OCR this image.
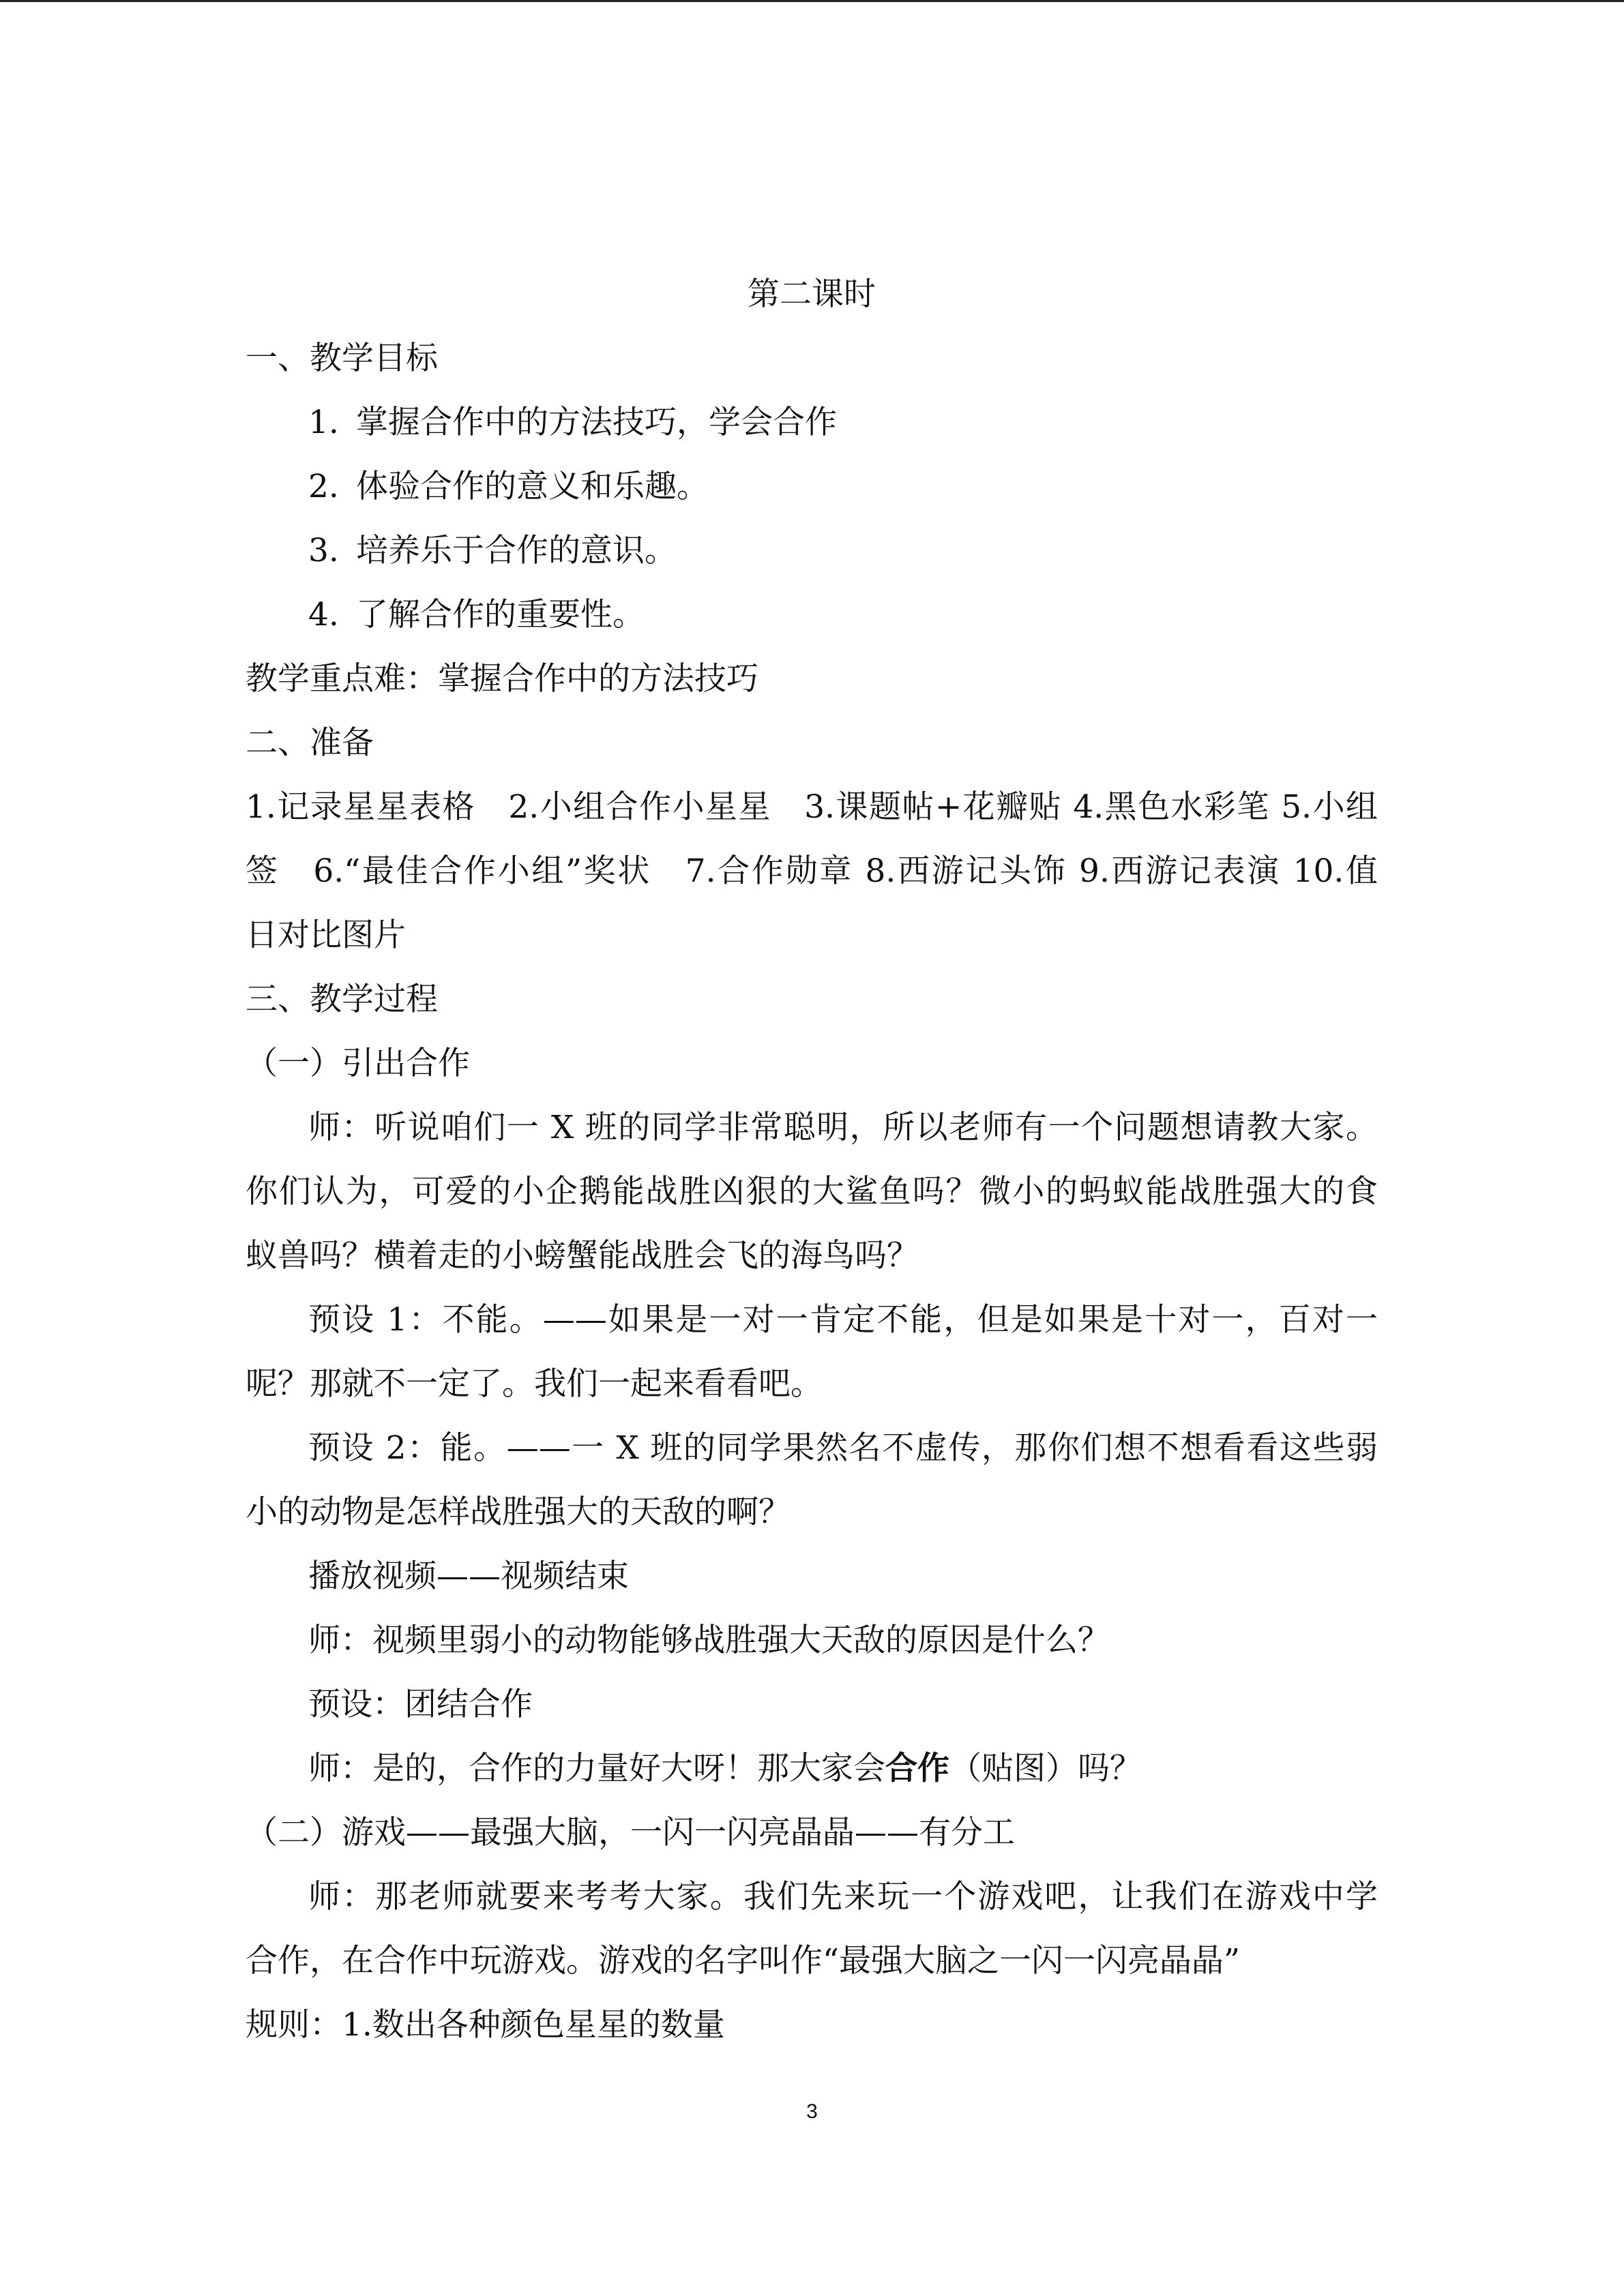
第二课时
一、教学目标
1. 掌握合作中的方法技巧，学会合作
2. 体验合作的意义和乐趣。
3. 培养乐于合作的意识。
4. 了解合作的重要性。
教学重点难：掌握合作中的方法技巧
二、准备
1.记录星星表格　2.小组合作小星星　3.课题帖+花瓣贴 4.黑色水彩笔 5.小组
签　6.“最佳合作小组”奖状　7.合作勋章 8.西游记头饰 9.西游记表演 10.值
日对比图片
三、教学过程
（一）引出合作
师：听说咱们一 X 班的同学非常聪明，所以老师有一个问题想请教大家。
你们认为，可爱的小企鹅能战胜凶狠的大鲨鱼吗？微小的蚂蚁能战胜强大的食
蚁兽吗？横着走的小螃蟹能战胜会飞的海鸟吗？
预设 1：不能。——如果是一对一肯定不能，但是如果是十对一，百对一
呢？那就不一定了。我们一起来看看吧。
预设 2：能。——一 X 班的同学果然名不虚传，那你们想不想看看这些弱
小的动物是怎样战胜强大的天敌的啊？
播放视频——视频结束
师：视频里弱小的动物能够战胜强大天敌的原因是什么？
预设：团结合作
师：是的，合作的力量好大呀！那大家会合作（贴图）吗？
（二）游戏——最强大脑，一闪一闪亮晶晶——有分工
师：那老师就要来考考大家。我们先来玩一个游戏吧，让我们在游戏中学
合作，在合作中玩游戏。游戏的名字叫作“最强大脑之一闪一闪亮晶晶”
规则：1.数出各种颜色星星的数量
3
